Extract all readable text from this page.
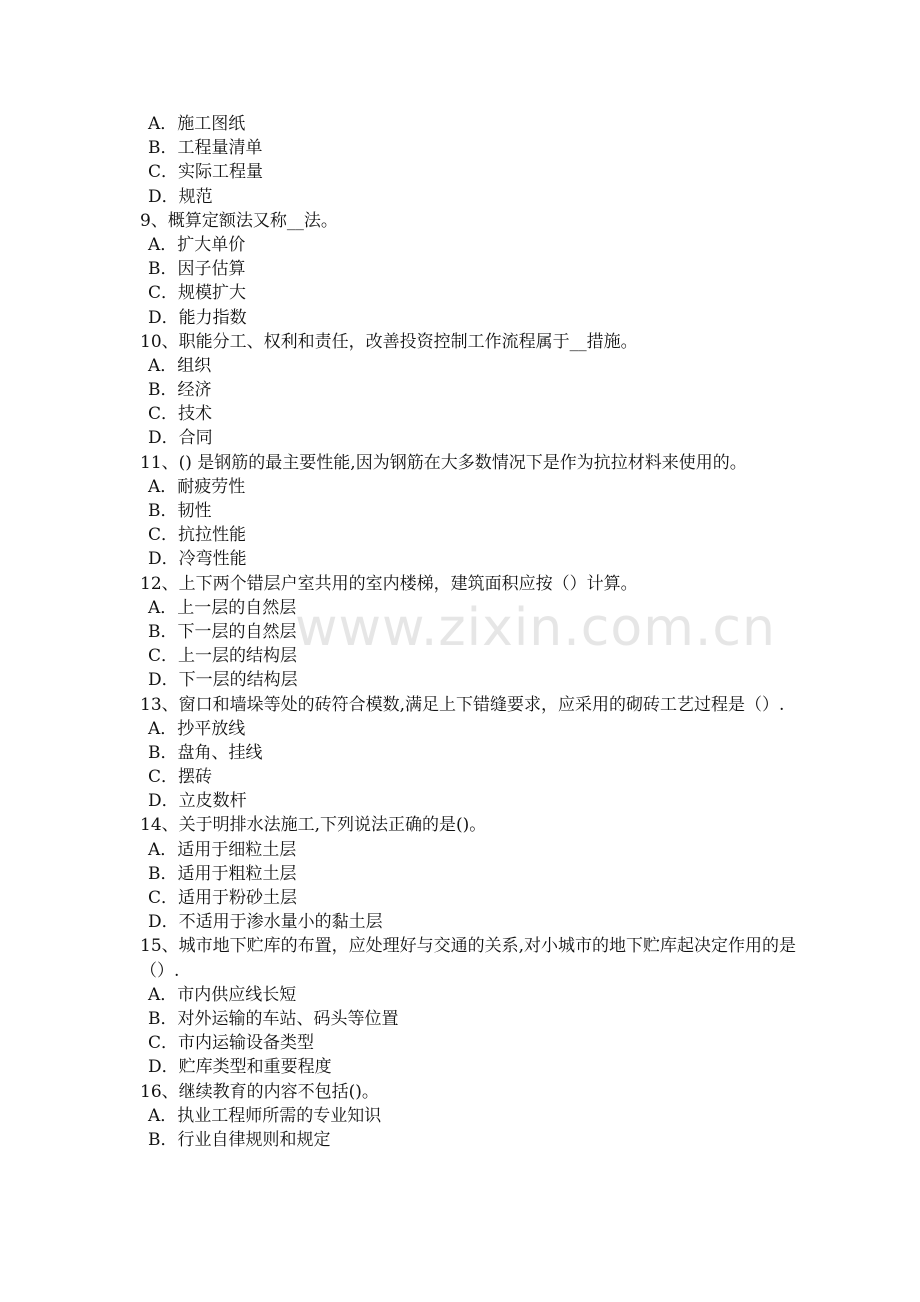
A．施工图纸
B．工程量清单
C．实际工程量
D．规范
9、概算定额法又称__法。
A．扩大单价
B．因子估算
C．规模扩大
D．能力指数
10、职能分工、权利和责任，改善投资控制工作流程属于__措施。
A．组织
B．经济
C．技术
D．合同
11、() 是钢筋的最主要性能,因为钢筋在大多数情况下是作为抗拉材料来使用的。
A．耐疲劳性
B．韧性
C．抗拉性能
D．冷弯性能
12、上下两个错层户室共用的室内楼梯，建筑面积应按（）计算。
A．上一层的自然层
B．下一层的自然层
C．上一层的结构层
D．下一层的结构层
13、窗口和墙垛等处的砖符合模数,满足上下错缝要求，应采用的砌砖工艺过程是（）.
A．抄平放线
B．盘角、挂线
C．摆砖
D．立皮数杆
14、关于明排水法施工,下列说法正确的是()。
A．适用于细粒土层
B．适用于粗粒土层
C．适用于粉砂土层
D．不适用于渗水量小的黏土层
15、城市地下贮库的布置，应处理好与交通的关系,对小城市的地下贮库起决定作用的是（）.
A．市内供应线长短
B．对外运输的车站、码头等位置
C．市内运输设备类型
D．贮库类型和重要程度
16、继续教育的内容不包括()。
A．执业工程师所需的专业知识
B．行业自律规则和规定
www.zixin.com.cn
